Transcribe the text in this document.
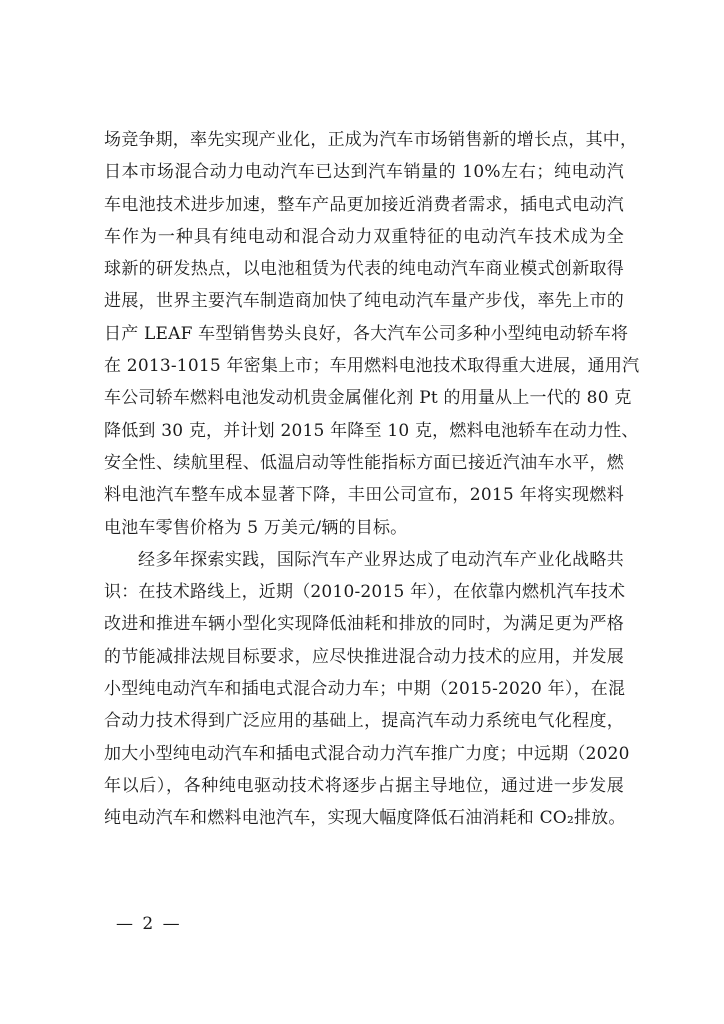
场竞争期，率先实现产业化，正成为汽车市场销售新的增长点，其中，
日本市场混合动力电动汽车已达到汽车销量的 10%左右；纯电动汽
车电池技术进步加速，整车产品更加接近消费者需求，插电式电动汽
车作为一种具有纯电动和混合动力双重特征的电动汽车技术成为全
球新的研发热点，以电池租赁为代表的纯电动汽车商业模式创新取得
进展，世界主要汽车制造商加快了纯电动汽车量产步伐，率先上市的
日产 LEAF 车型销售势头良好，各大汽车公司多种小型纯电动轿车将
在 2013-1015 年密集上市；车用燃料电池技术取得重大进展，通用汽
车公司轿车燃料电池发动机贵金属催化剂 Pt 的用量从上一代的 80 克
降低到 30 克，并计划 2015 年降至 10 克，燃料电池轿车在动力性、
安全性、续航里程、低温启动等性能指标方面已接近汽油车水平，燃
料电池汽车整车成本显著下降，丰田公司宣布，2015 年将实现燃料
电池车零售价格为 5 万美元/辆的目标。
经多年探索实践，国际汽车产业界达成了电动汽车产业化战略共
识：在技术路线上，近期（2010-2015 年），在依靠内燃机汽车技术
改进和推进车辆小型化实现降低油耗和排放的同时，为满足更为严格
的节能减排法规目标要求，应尽快推进混合动力技术的应用，并发展
小型纯电动汽车和插电式混合动力车；中期（2015-2020 年），在混
合动力技术得到广泛应用的基础上，提高汽车动力系统电气化程度，
加大小型纯电动汽车和插电式混合动力汽车推广力度；中远期（2020
年以后），各种纯电驱动技术将逐步占据主导地位，通过进一步发展
纯电动汽车和燃料电池汽车，实现大幅度降低石油消耗和 CO₂排放。
— 2 —
